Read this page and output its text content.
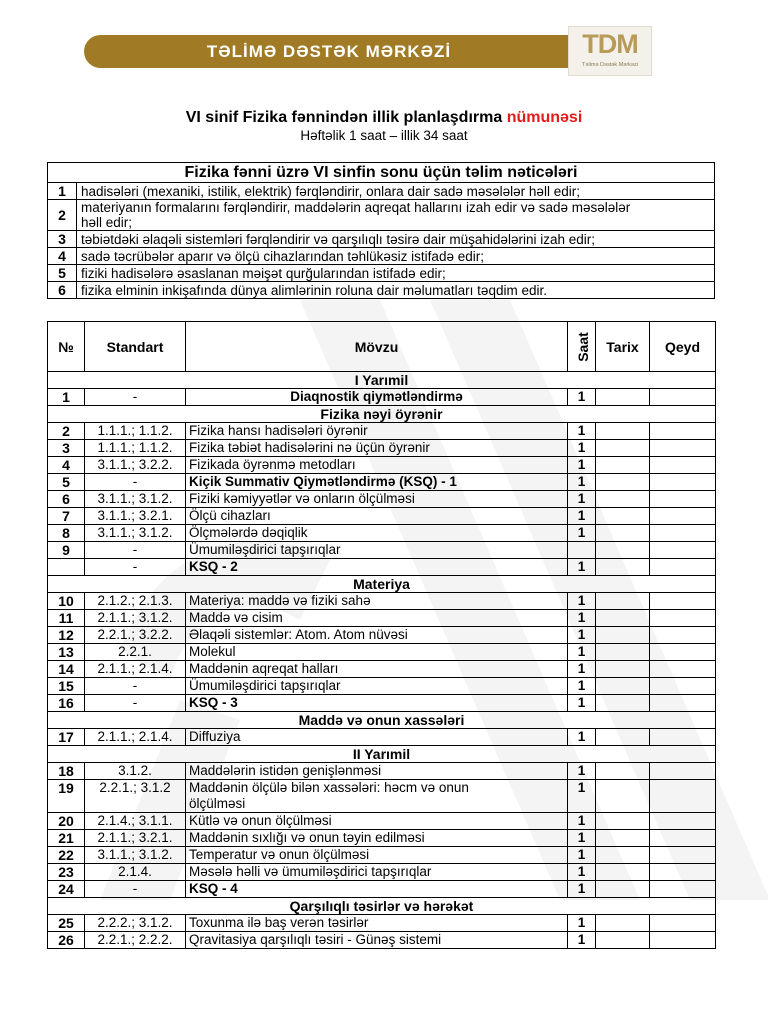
TƏLİMƏ DƏSTƏK MƏRKƏZİ	TDM
Təlimə Dəstək Mərkəzi
VI sinif Fizika fənnindən illik planlaşdırma nümunəsi
Həftəlik 1 saat – illik 34 saat
Fizika fənni üzrə VI sinfin sonu üçün təlim nəticələri	
1	hadisələri (mexaniki, istilik, elektrik) fərqləndirir, onlara dair sadə məsələlər həll edir;
2	materiyanın formalarını fərqləndirir, maddələrin aqreqat hallarını izah edir və sadə məsələlər həll edir;
3	təbiətdəki əlaqəli sistemləri fərqləndirir və qarşılıqlı təsirə dair müşahidələrini izah edir;
4	sadə təcrübələr aparır və ölçü cihazlarından təhlükəsiz istifadə edir;
5	fiziki hadisələrə əsaslanan məişət qurğularından istifadə edir;
6	fizika elminin inkişafında dünya alimlərinin roluna dair məlumatları təqdim edir.
№	Standart	Mövzu	Saat	Tarix	Qeyd
I Yarımil					
1	-	Diaqnostik qiymətləndirmə	1		
Fizika nəyi öyrənir					
2	1.1.1.; 1.1.2.	Fizika hansı hadisələri öyrənir	1		
3	1.1.1.; 1.1.2.	Fizika təbiət hadisələrini nə üçün öyrənir	1		
4	3.1.1.; 3.2.2.	Fizikada öyrənmə metodları	1		
5	-	Kiçik Summativ Qiymətləndirmə (KSQ) - 1	1		
6	3.1.1.; 3.1.2.	Fiziki kəmiyyətlər və onların ölçülməsi	1		
7	3.1.1.; 3.2.1.	Ölçü cihazları	1		
8	3.1.1.; 3.1.2.	Ölçmələrdə dəqiqlik	1		
9	-	Ümumiləşdirici tapşırıqlar			
	-	KSQ - 2	1		
Materiya					
10	2.1.2.; 2.1.3.	Materiya: maddə və fiziki sahə	1		
11	2.1.1.; 3.1.2.	Maddə və cisim	1		
12	2.2.1.; 3.2.2.	Əlaqəli sistemlər: Atom. Atom nüvəsi	1		
13	2.2.1.	Molekul	1		
14	2.1.1.; 2.1.4.	Maddənin aqreqat halları	1		
15	-	Ümumiləşdirici tapşırıqlar	1		
16	-	KSQ - 3	1		
Maddə və onun xassələri					
17	2.1.1.; 2.1.4.	Diffuziya	1		
II Yarımil					
18	3.1.2.	Maddələrin istidən genişlənməsi	1		
19	2.2.1.; 3.1.2	Maddənin ölçülə bilən xassələri: həcm və onun ölçülməsi	1		
20	2.1.4.; 3.1.1.	Kütlə və onun ölçülməsi	1		
21	2.1.1.; 3.2.1.	Maddənin sıxlığı və onun təyin edilməsi	1		
22	3.1.1.; 3.1.2.	Temperatur və onun ölçülməsi	1		
23	2.1.4.	Məsələ həlli və ümumiləşdirici tapşırıqlar	1		
24	-	KSQ - 4	1		
Qarşılıqlı təsirlər və hərəkət					
25	2.2.2.; 3.1.2.	Toxunma ilə baş verən təsirlər	1		
26	2.2.1.; 2.2.2.	Qravitasiya qarşılıqlı təsiri - Günəş sistemi	1		
